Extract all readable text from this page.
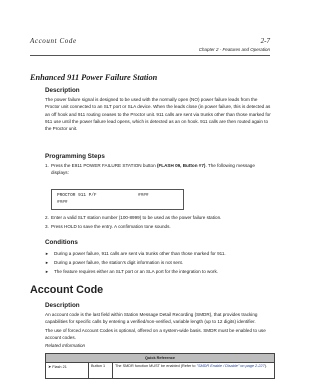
Account Code	2-7
Chapter 2 - Features and Operation
Enhanced 911 Power Failure Station
Description
The power failure signal is designed to be used with the normally open (NO) power failure leads from the Proctor unit connected to an SLT port or SLA device. When the leads close (in power failure, this is detected as an off hook and 911 routing ceases to the Proctor unit. 911 calls are sent via trunks other than those marked for 911 use until the power failure lead opens, which is detected as an on hook. 911 calls are then routed again to the Proctor unit.
Programming Steps
1. Press the E911 POWER FAILURE STATION button (FLASH 09, Button #7). The following message displays:
PROCTOR 911 P/F	####
####
2. Enter a valid SLT station number (100-8999) to be used as the power failure station.
3. Press HOLD to save the entry. A confirmation tone sounds.
Conditions
►	During a power failure, 911 calls are sent via trunks other than those marked for 911.
►	During a power failure, the station's digit information is not sent.
►	The feature requires either an SLT port or an SLA port for the integration to work.
Account Code
Description
An account code is the last field within Station Message Detail Recording (SMDR), that provides tracking capabilities for specific calls by entering a verified/non-verified, variable length (up to 12 digits) identifier.
The use of forced Account Codes is optional, offered on a system-wide basis. SMDR must be enabled to use account codes.
Related Information
Quick Reference
➤ Flash 21	Button 1	The SMDR function MUST be enabled (Refer to "SMDR Enable / Disable" on page 2-227).
